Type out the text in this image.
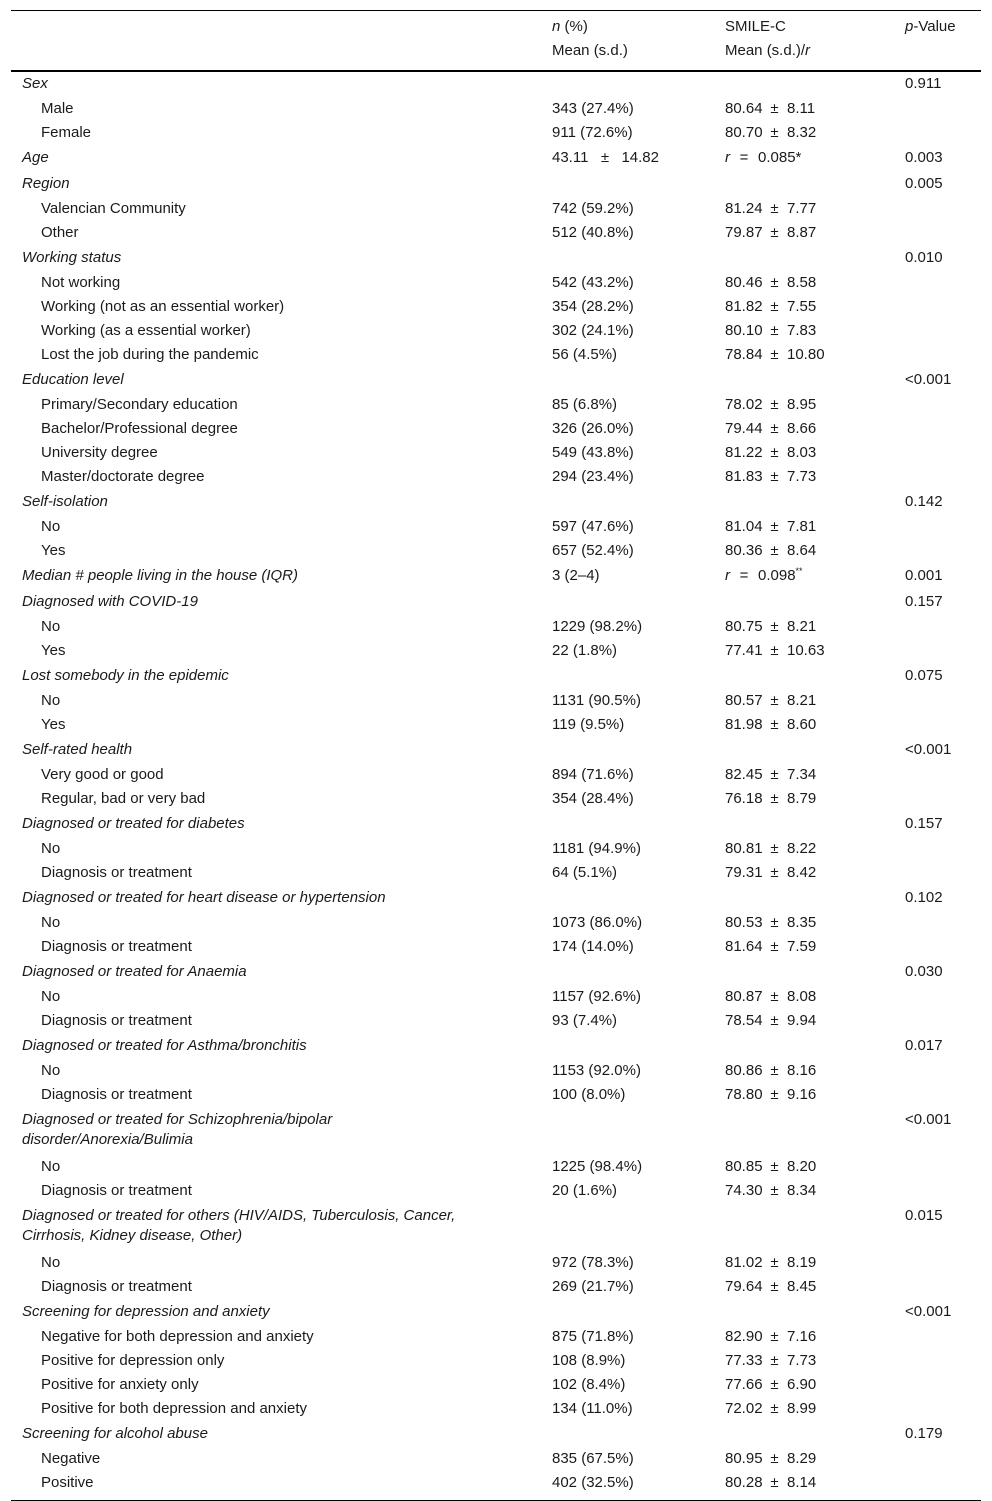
	n (%)	SMILE-C	p-Value
	Mean (s.d.)	Mean (s.d.)/r	
Sex			0.911
Male	343 (27.4%)	80.64 ± 8.11	
Female	911 (72.6%)	80.70 ± 8.32	
Age	43.11 ± 14.82	r = 0.085*	0.003
Region			0.005
Valencian Community	742 (59.2%)	81.24 ± 7.77	
Other	512 (40.8%)	79.87 ± 8.87	
Working status			0.010
Not working	542 (43.2%)	80.46 ± 8.58	
Working (not as an essential worker)	354 (28.2%)	81.82 ± 7.55	
Working (as a essential worker)	302 (24.1%)	80.10 ± 7.83	
Lost the job during the pandemic	56 (4.5%)	78.84 ± 10.80	
Education level			<0.001
Primary/Secondary education	85 (6.8%)	78.02 ± 8.95	
Bachelor/Professional degree	326 (26.0%)	79.44 ± 8.66	
University degree	549 (43.8%)	81.22 ± 8.03	
Master/doctorate degree	294 (23.4%)	81.83 ± 7.73	
Self-isolation			0.142
No	597 (47.6%)	81.04 ± 7.81	
Yes	657 (52.4%)	80.36 ± 8.64	
Median # people living in the house (IQR)	3 (2–4)	r = 0.098**	0.001
Diagnosed with COVID-19			0.157
No	1229 (98.2%)	80.75 ± 8.21	
Yes	22 (1.8%)	77.41 ± 10.63	
Lost somebody in the epidemic			0.075
No	1131 (90.5%)	80.57 ± 8.21	
Yes	119 (9.5%)	81.98 ± 8.60	
Self-rated health			<0.001
Very good or good	894 (71.6%)	82.45 ± 7.34	
Regular, bad or very bad	354 (28.4%)	76.18 ± 8.79	
Diagnosed or treated for diabetes			0.157
No	1181 (94.9%)	80.81 ± 8.22	
Diagnosis or treatment	64 (5.1%)	79.31 ± 8.42	
Diagnosed or treated for heart disease or hypertension			0.102
No	1073 (86.0%)	80.53 ± 8.35	
Diagnosis or treatment	174 (14.0%)	81.64 ± 7.59	
Diagnosed or treated for Anaemia			0.030
No	1157 (92.6%)	80.87 ± 8.08	
Diagnosis or treatment	93 (7.4%)	78.54 ± 9.94	
Diagnosed or treated for Asthma/bronchitis			0.017
No	1153 (92.0%)	80.86 ± 8.16	
Diagnosis or treatment	100 (8.0%)	78.80 ± 9.16	
Diagnosed or treated for Schizophrenia/bipolar
disorder/Anorexia/Bulimia			<0.001
No	1225 (98.4%)	80.85 ± 8.20	
Diagnosis or treatment	20 (1.6%)	74.30 ± 8.34	
Diagnosed or treated for others (HIV/AIDS, Tuberculosis, Cancer,
Cirrhosis, Kidney disease, Other)			0.015
No	972 (78.3%)	81.02 ± 8.19	
Diagnosis or treatment	269 (21.7%)	79.64 ± 8.45	
Screening for depression and anxiety			<0.001
Negative for both depression and anxiety	875 (71.8%)	82.90 ± 7.16	
Positive for depression only	108 (8.9%)	77.33 ± 7.73	
Positive for anxiety only	102 (8.4%)	77.66 ± 6.90	
Positive for both depression and anxiety	134 (11.0%)	72.02 ± 8.99	
Screening for alcohol abuse			0.179
Negative	835 (67.5%)	80.95 ± 8.29	
Positive	402 (32.5%)	80.28 ± 8.14	
